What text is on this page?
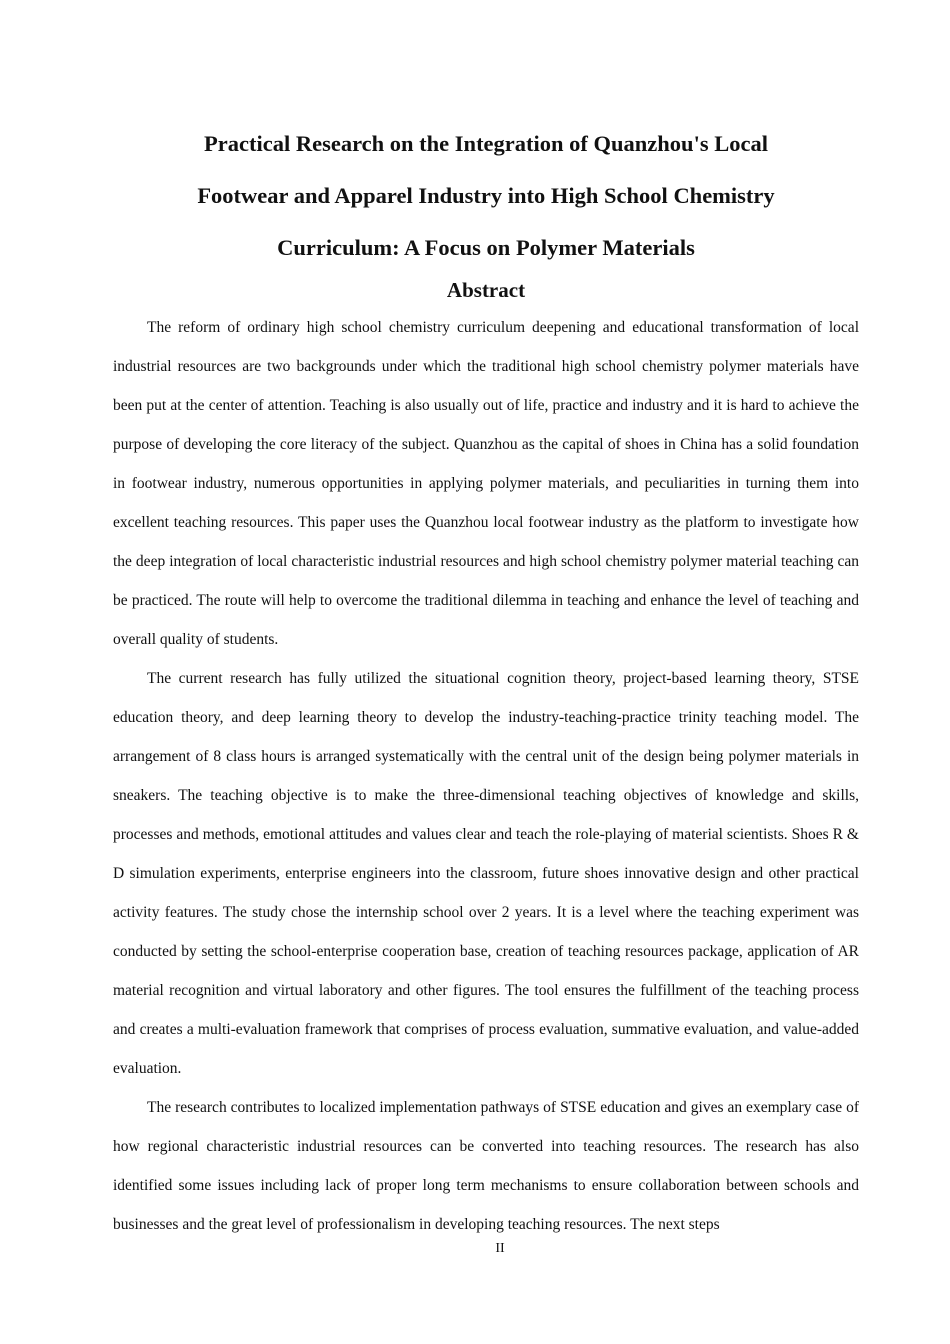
Practical Research on the Integration of Quanzhou's Local
Footwear and Apparel Industry into High School Chemistry
Curriculum: A Focus on Polymer Materials
Abstract

The reform of ordinary high school chemistry curriculum deepening and educational transformation of local industrial resources are two backgrounds under which the traditional high school chemistry polymer materials have been put at the center of attention. Teaching is also usually out of life, practice and industry and it is hard to achieve the purpose of developing the core literacy of the subject. Quanzhou as the capital of shoes in China has a solid foundation in footwear industry, numerous opportunities in applying polymer materials, and peculiarities in turning them into excellent teaching resources. This paper uses the Quanzhou local footwear industry as the platform to investigate how the deep integration of local characteristic industrial resources and high school chemistry polymer material teaching can be practiced. The route will help to overcome the traditional dilemma in teaching and enhance the level of teaching and overall quality of students.

The current research has fully utilized the situational cognition theory, project-based learning theory, STSE education theory, and deep learning theory to develop the industry-teaching-practice trinity teaching model. The arrangement of 8 class hours is arranged systematically with the central unit of the design being polymer materials in sneakers. The teaching objective is to make the three-dimensional teaching objectives of knowledge and skills, processes and methods, emotional attitudes and values clear and teach the role-playing of material scientists. Shoes R & D simulation experiments, enterprise engineers into the classroom, future shoes innovative design and other practical activity features. The study chose the internship school over 2 years. It is a level where the teaching experiment was conducted by setting the school-enterprise cooperation base, creation of teaching resources package, application of AR material recognition and virtual laboratory and other figures. The tool ensures the fulfillment of the teaching process and creates a multi-evaluation framework that comprises of process evaluation, summative evaluation, and value-added evaluation.

The research contributes to localized implementation pathways of STSE education and gives an exemplary case of how regional characteristic industrial resources can be converted into teaching resources. The research has also identified some issues including lack of proper long term mechanisms to ensure collaboration between schools and businesses and the great level of professionalism in developing teaching resources. The next steps

II
